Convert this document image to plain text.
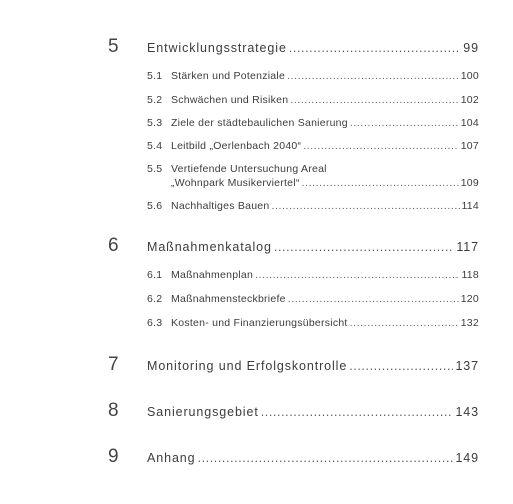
5 Entwicklungsstrategie .....	99
5.1 Stärken und Potenziale .....	100
5.2 Schwächen und Risiken .....	102
5.3 Ziele der städtebaulichen Sanierung .....	104
5.4 Leitbild „Oerlenbach 2040“ .....	107
5.5 Vertiefende Untersuchung Areal
„Wohnpark Musikerviertel“ .....	109
5.6 Nachhaltiges Bauen .....	114
6 Maßnahmenkatalog .....	117
6.1 Maßnahmenplan .....	118
6.2 Maßnahmensteckbriefe .....	120
6.3 Kosten- und Finanzierungsübersicht .....	132
7 Monitoring und Erfolgskontrolle .....	137
8 Sanierungsgebiet .....	143
9 Anhang .....	149
